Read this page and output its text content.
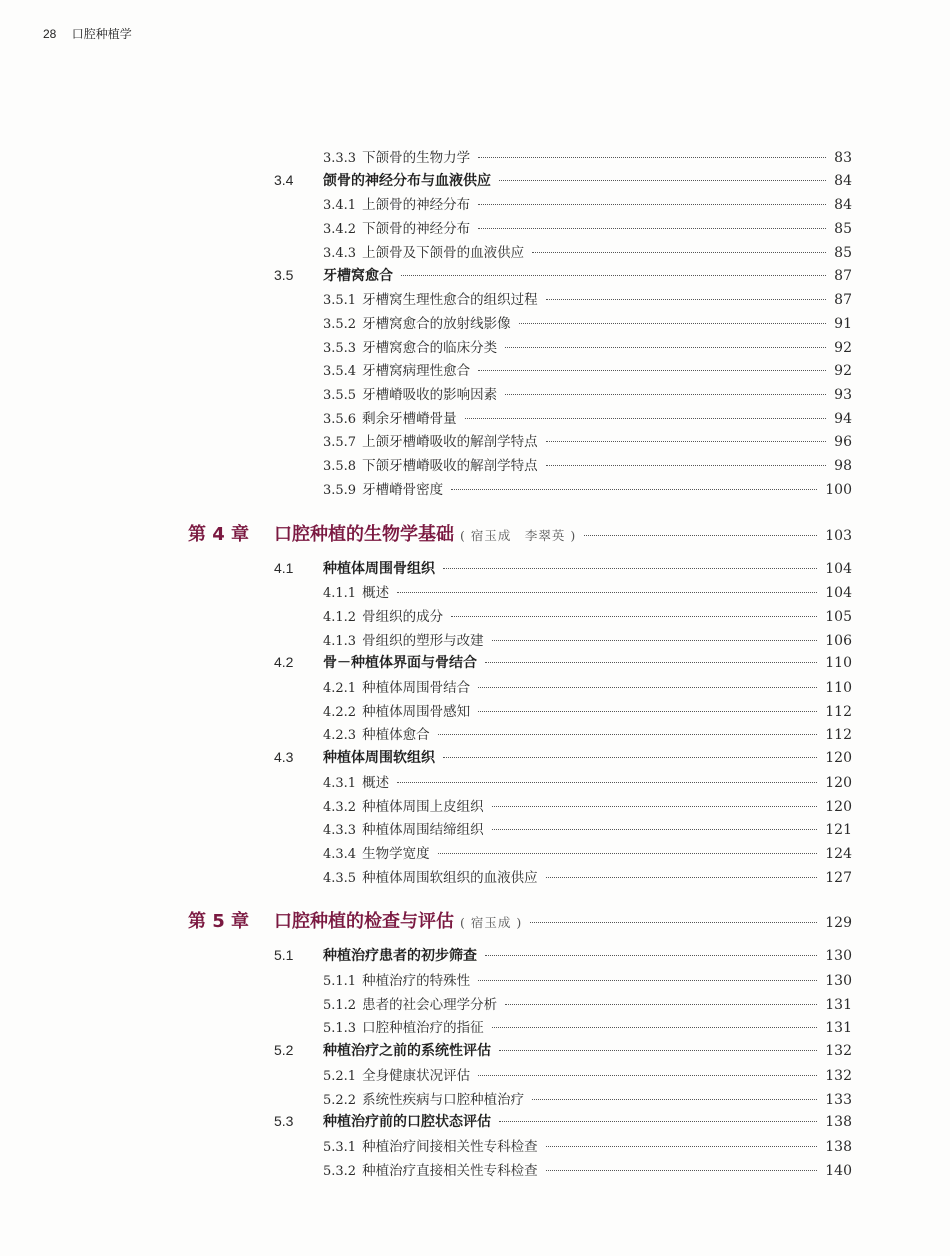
28 口腔种植学
3.3.3 下颌骨的生物力学	83
3.4	颌骨的神经分布与血液供应	84
3.4.1 上颌骨的神经分布	84
3.4.2 下颌骨的神经分布	85
3.4.3 上颌骨及下颌骨的血液供应	85
3.5	牙槽窝愈合	87
3.5.1 牙槽窝生理性愈合的组织过程	87
3.5.2 牙槽窝愈合的放射线影像	91
3.5.3 牙槽窝愈合的临床分类	92
3.5.4 牙槽窝病理性愈合	92
3.5.5 牙槽嵴吸收的影响因素	93
3.5.6 剩余牙槽嵴骨量	94
3.5.7 上颌牙槽嵴吸收的解剖学特点	96
3.5.8 下颌牙槽嵴吸收的解剖学特点	98
3.5.9 牙槽嵴骨密度	100
第 4 章	口腔种植的生物学基础 ( 宿玉成　李翠英 )	103
4.1	种植体周围骨组织	104
4.1.1 概述	104
4.1.2 骨组织的成分	105
4.1.3 骨组织的塑形与改建	106
4.2	骨－种植体界面与骨结合	110
4.2.1 种植体周围骨结合	110
4.2.2 种植体周围骨感知	112
4.2.3 种植体愈合	112
4.3	种植体周围软组织	120
4.3.1 概述	120
4.3.2 种植体周围上皮组织	120
4.3.3 种植体周围结缔组织	121
4.3.4 生物学宽度	124
4.3.5 种植体周围软组织的血液供应	127
第 5 章	口腔种植的检查与评估 ( 宿玉成 )	129
5.1	种植治疗患者的初步筛查	130
5.1.1 种植治疗的特殊性	130
5.1.2 患者的社会心理学分析	131
5.1.3 口腔种植治疗的指征	131
5.2	种植治疗之前的系统性评估	132
5.2.1 全身健康状况评估	132
5.2.2 系统性疾病与口腔种植治疗	133
5.3	种植治疗前的口腔状态评估	138
5.3.1 种植治疗间接相关性专科检查	138
5.3.2 种植治疗直接相关性专科检查	140
